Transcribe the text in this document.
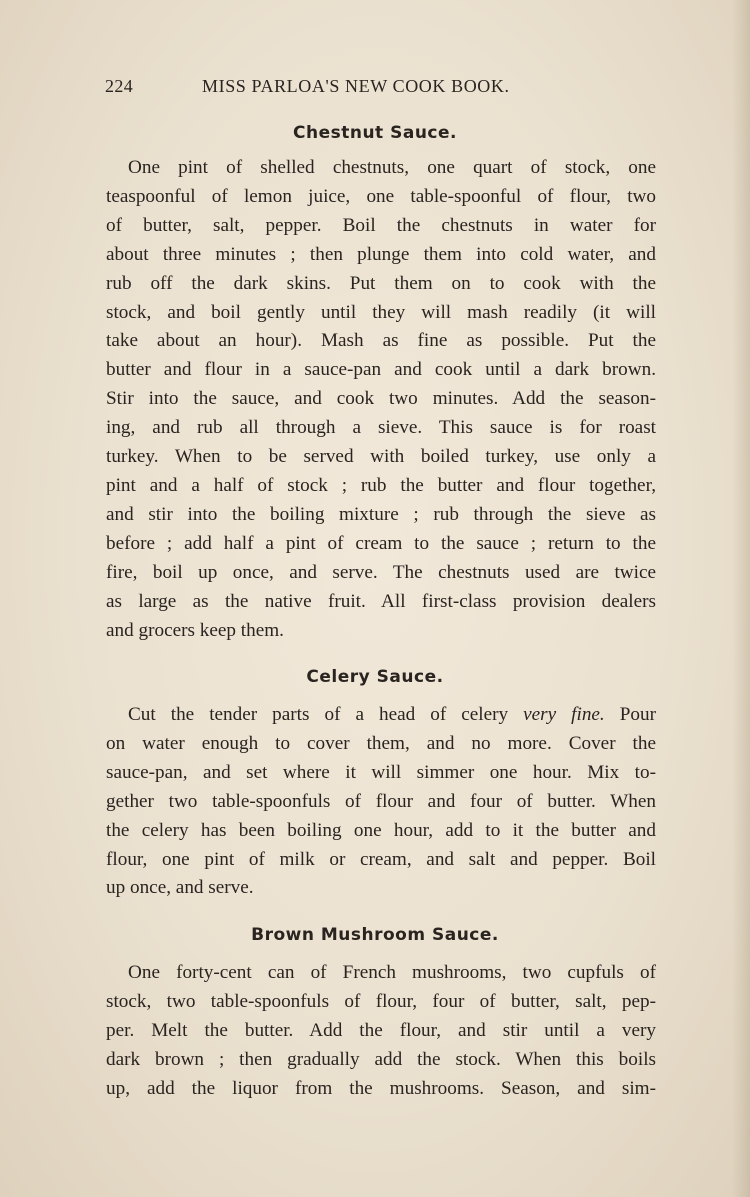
224	MISS PARLOA'S NEW COOK BOOK.
Chestnut Sauce.
One pint of shelled chestnuts, one quart of stock, one
teaspoonful of lemon juice, one table-spoonful of flour, two
of butter, salt, pepper. Boil the chestnuts in water for
about three minutes ; then plunge them into cold water, and
rub off the dark skins. Put them on to cook with the
stock, and boil gently until they will mash readily (it will
take about an hour). Mash as fine as possible. Put the
butter and flour in a sauce-pan and cook until a dark brown.
Stir into the sauce, and cook two minutes. Add the season-
ing, and rub all through a sieve. This sauce is for roast
turkey. When to be served with boiled turkey, use only a
pint and a half of stock ; rub the butter and flour together,
and stir into the boiling mixture ; rub through the sieve as
before ; add half a pint of cream to the sauce ; return to the
fire, boil up once, and serve. The chestnuts used are twice
as large as the native fruit. All first-class provision dealers
and grocers keep them.
Celery Sauce.
Cut the tender parts of a head of celery very fine. Pour
on water enough to cover them, and no more. Cover the
sauce-pan, and set where it will simmer one hour. Mix to-
gether two table-spoonfuls of flour and four of butter. When
the celery has been boiling one hour, add to it the butter and
flour, one pint of milk or cream, and salt and pepper. Boil
up once, and serve.
Brown Mushroom Sauce.
One forty-cent can of French mushrooms, two cupfuls of
stock, two table-spoonfuls of flour, four of butter, salt, pep-
per. Melt the butter. Add the flour, and stir until a very
dark brown ; then gradually add the stock. When this boils
up, add the liquor from the mushrooms. Season, and sim-
